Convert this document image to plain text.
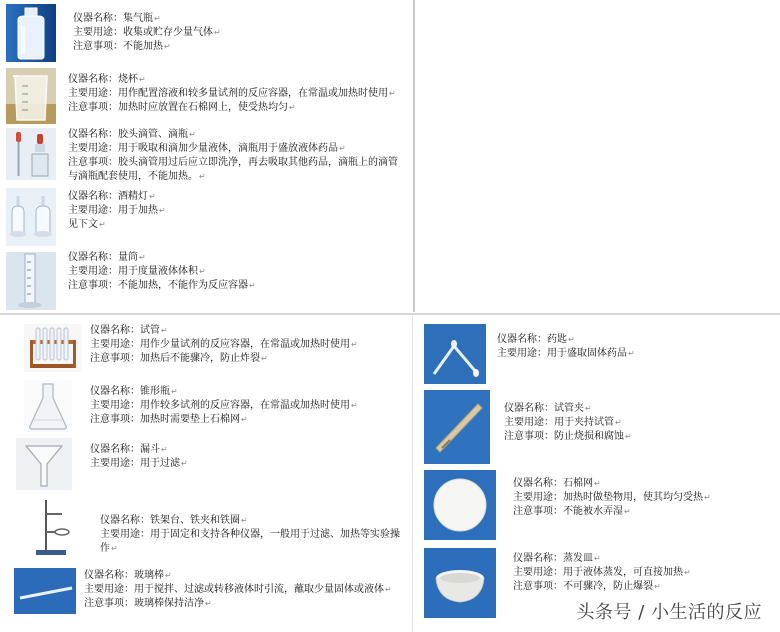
仪器名称：集气瓶↵
主要用途：收集或贮存少量气体↵
注意事项：不能加热↵
仪器名称：烧杯↵
主要用途：用作配置溶液和较多量试剂的反应容器，在常温或加热时使用↵
注意事项：加热时应放置在石棉网上，使受热均匀↵
仪器名称：胶头滴管、滴瓶↵
主要用途：用于吸取和滴加少量液体，滴瓶用于盛放液体药品↵
注意事项：胶头滴管用过后应立即洗净，再去吸取其他药品，滴瓶上的滴管
与滴瓶配套使用，不能加热。↵
仪器名称：酒精灯↵
主要用途：用于加热↵
见下文↵
仪器名称：量筒↵
主要用途：用于度量液体体积↵
注意事项：不能加热，不能作为反应容器↵
仪器名称：试管↵
主要用途：用作少量试剂的反应容器，在常温或加热时使用↵
注意事项：加热后不能骤冷，防止炸裂↵
仪器名称：锥形瓶↵
主要用途：用作较多试剂的反应容器，在常温或加热时使用↵
注意事项：加热时需要垫上石棉网↵
仪器名称：漏斗↵
主要用途：用于过滤↵
仪器名称：铁架台、铁夹和铁圈↵
主要用途：用于固定和支持各种仪器，一般用于过滤、加热等实验操
作↵
仪器名称：玻璃棒↵
主要用途：用于搅拌、过滤或转移液体时引流，蘸取少量固体或液体↵
注意事项：玻璃棒保持洁净↵
仪器名称：药匙↵
主要用途：用于盛取固体药品↵
仪器名称：试管夹↵
主要用途：用于夹持试管↵
注意事项：防止烧损和腐蚀↵
仪器名称：石棉网↵
主要用途：加热时做垫物用，使其均匀受热↵
注意事项：不能被水弄湿↵
仪器名称：蒸发皿↵
主要用途：用于液体蒸发，可直接加热↵
注意事项：不可骤冷，防止爆裂↵
头条号 / 小生活的反应
